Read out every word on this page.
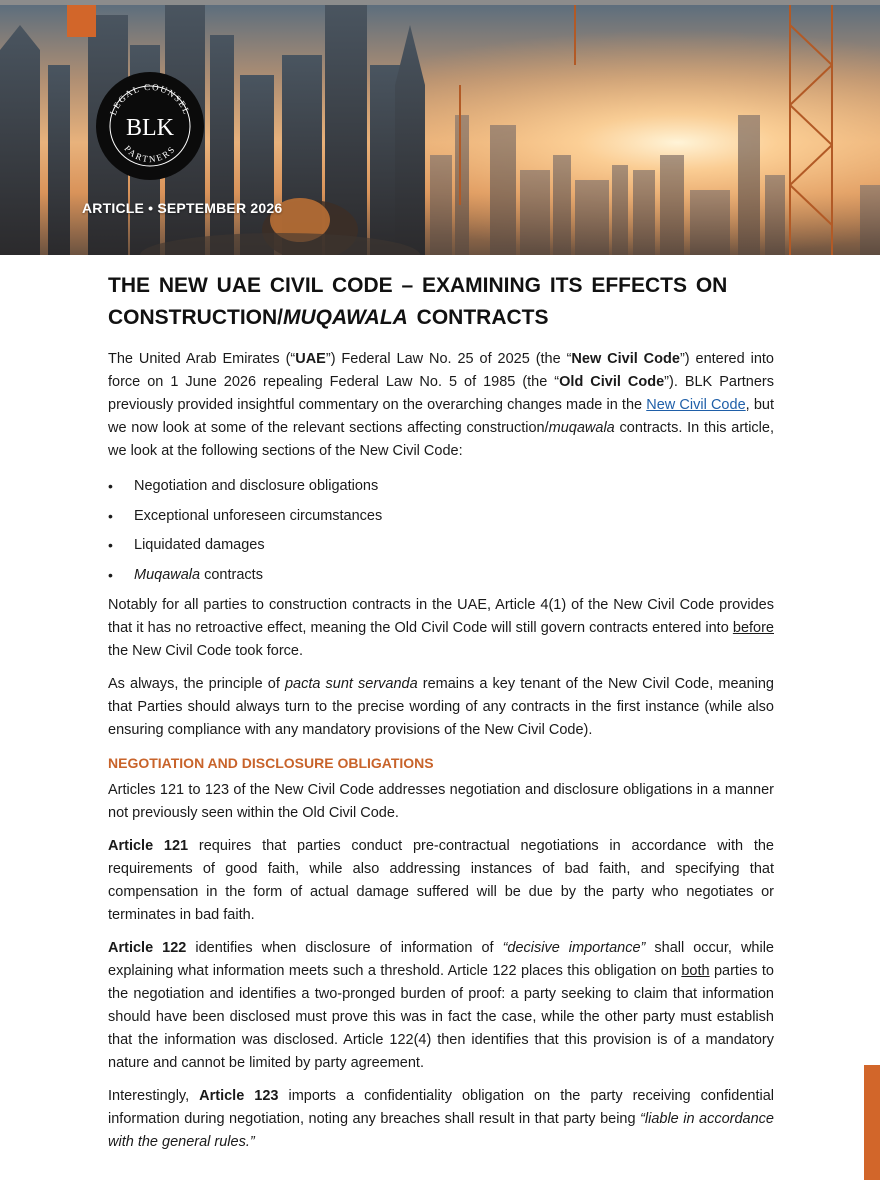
LEGAL COUNSEL
PARTNERS
BLK
ARTICLE • SEPTEMBER 2026
THE NEW UAE CIVIL CODE – EXAMINING ITS EFFECTS ON
CONSTRUCTION/MUQAWALA CONTRACTS

The United Arab Emirates (“UAE”) Federal Law No. 25 of 2025 (the “New Civil Code”) entered into force on 1 June 2026 repealing Federal Law No. 5 of 1985 (the “Old Civil Code”). BLK Partners previously provided insightful commentary on the overarching changes made in the New Civil Code, but we now look at some of the relevant sections affecting construction/muqawala contracts. In this article, we look at the following sections of the New Civil Code:

• Negotiation and disclosure obligations
• Exceptional unforeseen circumstances
• Liquidated damages
• Muqawala contracts

Notably for all parties to construction contracts in the UAE, Article 4(1) of the New Civil Code provides that it has no retroactive effect, meaning the Old Civil Code will still govern contracts entered into before the New Civil Code took force.

As always, the principle of pacta sunt servanda remains a key tenant of the New Civil Code, meaning that Parties should always turn to the precise wording of any contracts in the first instance (while also ensuring compliance with any mandatory provisions of the New Civil Code).

NEGOTIATION AND DISCLOSURE OBLIGATIONS

Articles 121 to 123 of the New Civil Code addresses negotiation and disclosure obligations in a manner not previously seen within the Old Civil Code.

Article 121 requires that parties conduct pre-contractual negotiations in accordance with the requirements of good faith, while also addressing instances of bad faith, and specifying that compensation in the form of actual damage suffered will be due by the party who negotiates or terminates in bad faith.

Article 122 identifies when disclosure of information of “decisive importance” shall occur, while explaining what information meets such a threshold. Article 122 places this obligation on both parties to the negotiation and identifies a two-pronged burden of proof: a party seeking to claim that information should have been disclosed must prove this was in fact the case, while the other party must establish that the information was disclosed. Article 122(4) then identifies that this provision is of a mandatory nature and cannot be limited by party agreement.

Interestingly, Article 123 imports a confidentiality obligation on the party receiving confidential information during negotiation, noting any breaches shall result in that party being “liable in accordance with the general rules.”
